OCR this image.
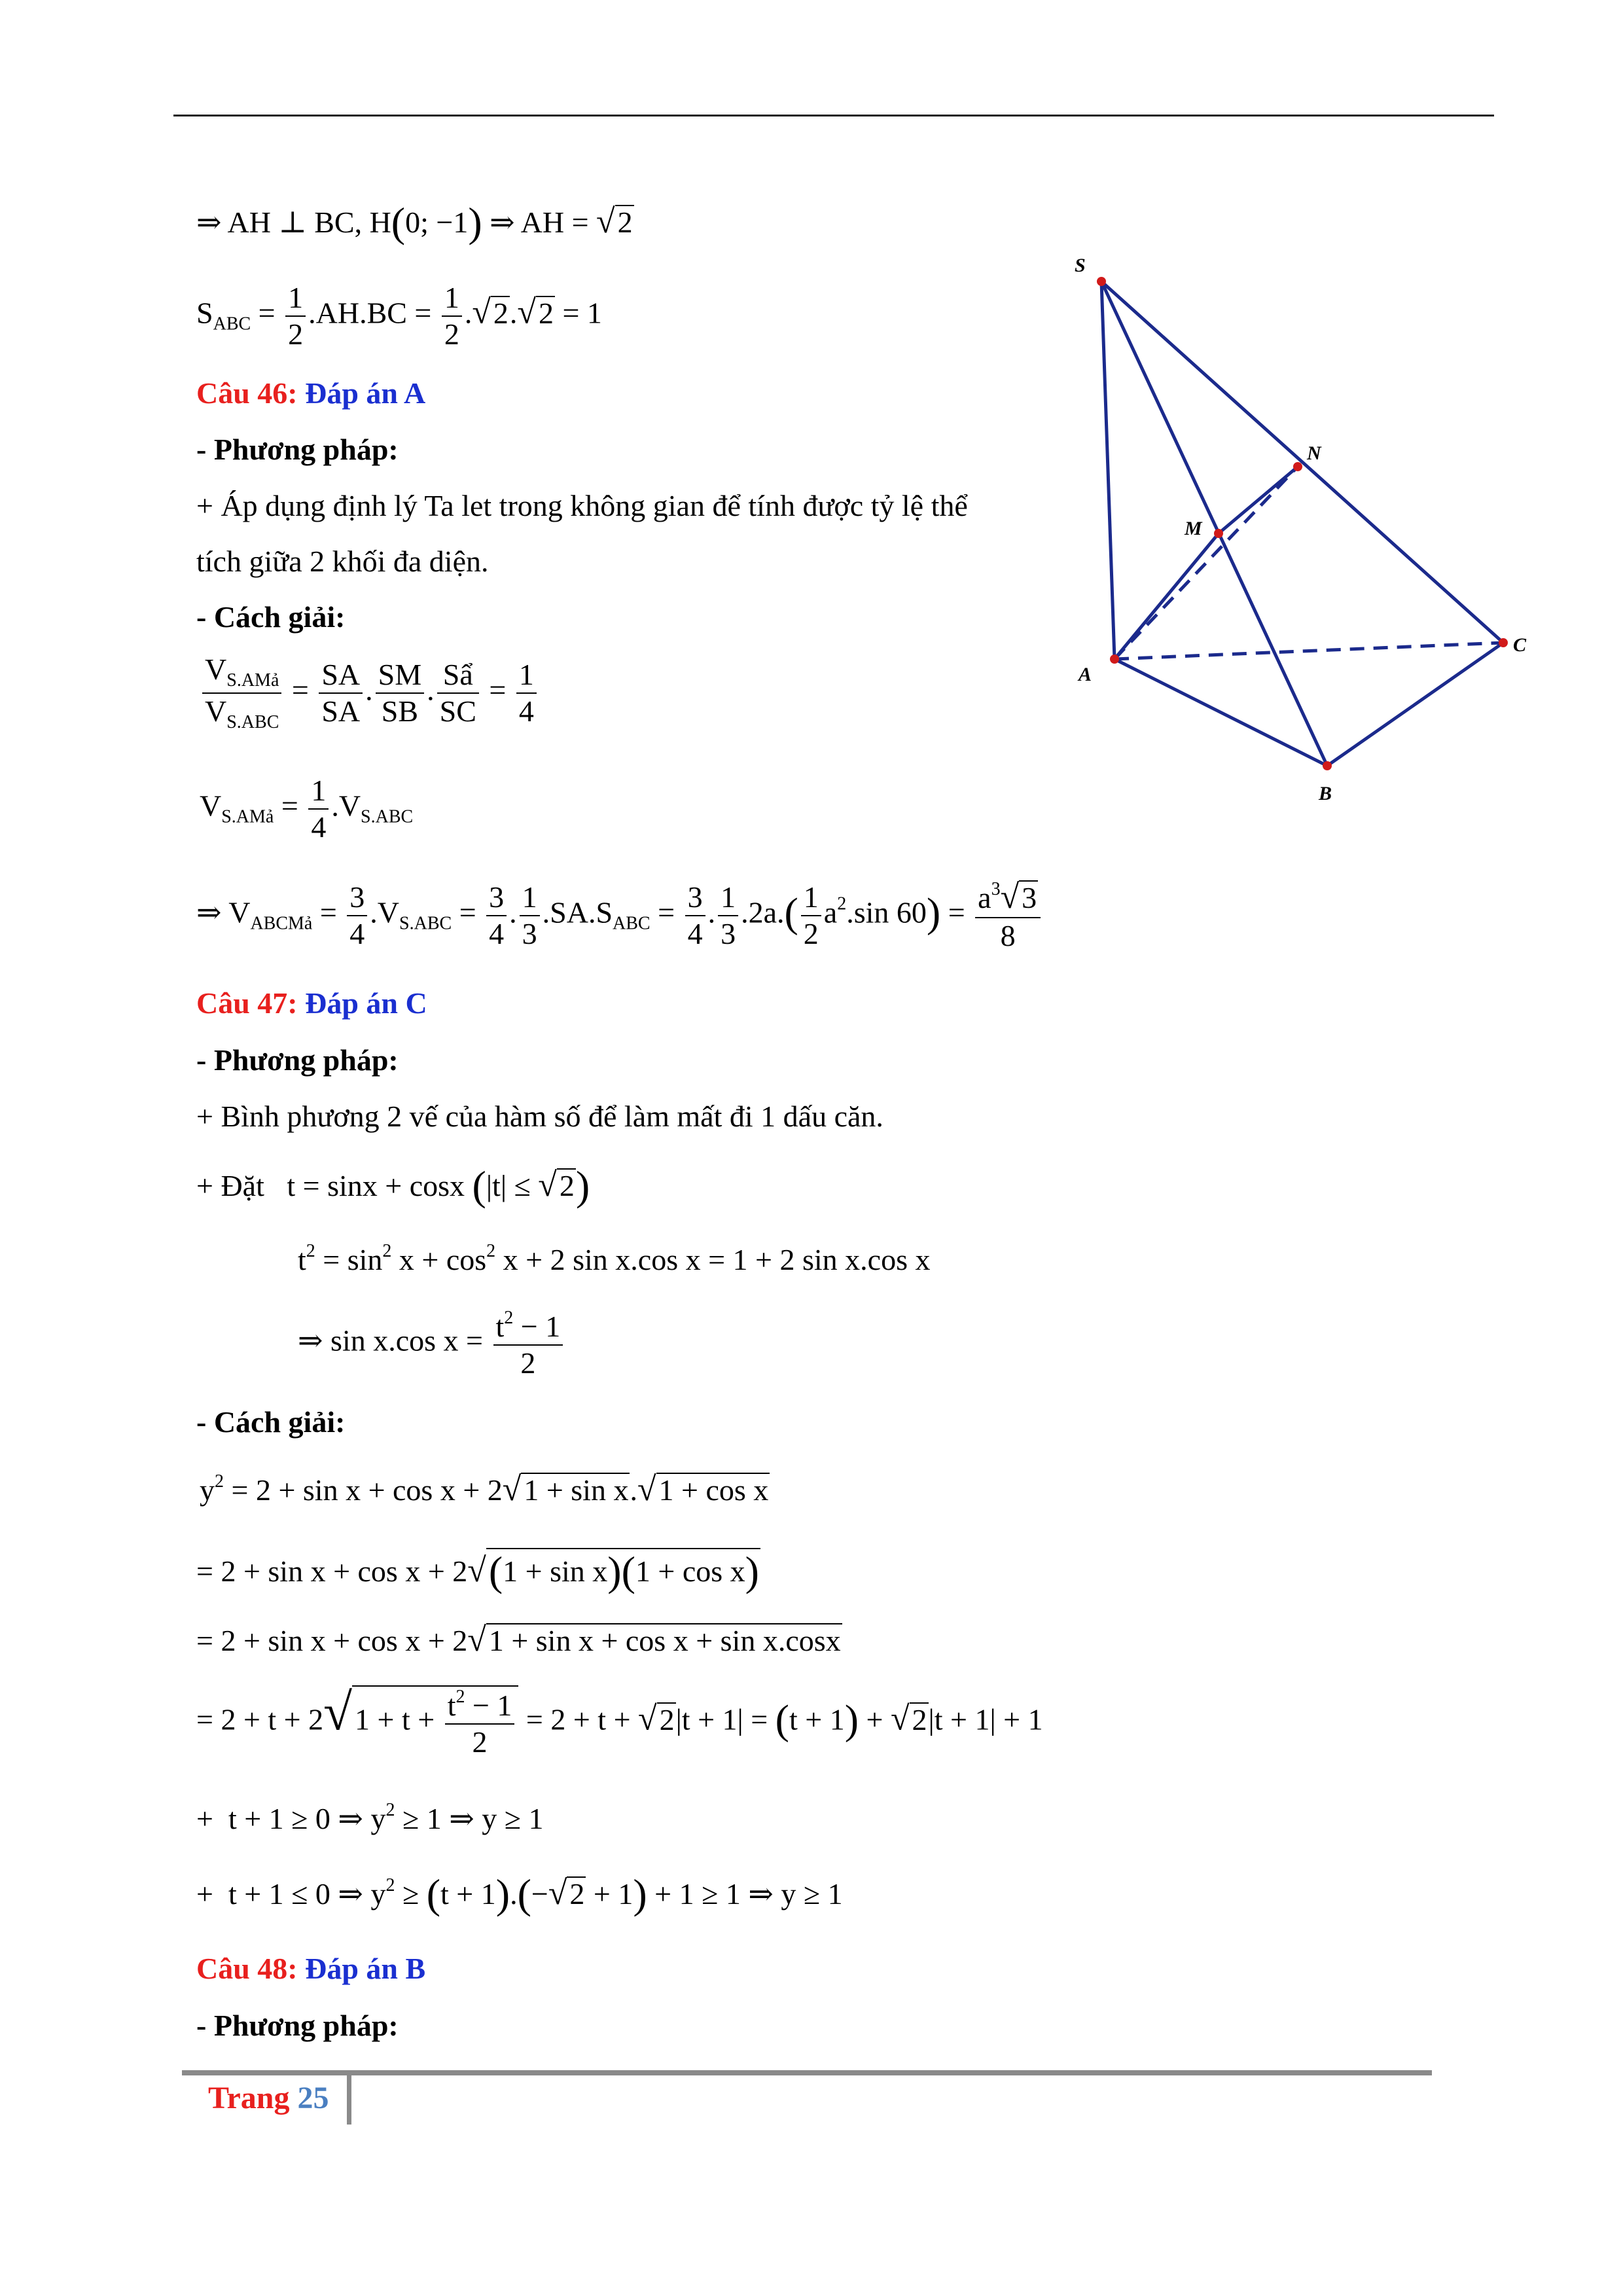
⇒ AH ⊥ BC, H(0; −1) ⇒ AH = √2
$S_{ABC} = \frac{1}{2} .AH.BC = \frac{1}{2} .√2.√2 = 1$
Câu 46: Đáp án A
- Phương pháp:
+ Áp dụng định lý Ta let trong không gian để tính được tỷ lệ thể
tích giữa 2 khối đa diện.
- Cách giải:
$\frac{V_{S.AMả}}{V_{S.ABC}} = \frac{SA}{SA}$ . $\frac{SM}{SB}$ . $\frac{\text{Sẩ}}{SC} = \frac{1}{4}$
$V_{S.AMả} = \frac{1}{4} .V_{S.ABC}$
⇒ $V_{ABCMả} = \frac{3}{4} .V_{S.ABC} = \frac{3}{4}$ . $\frac{1}{3} .SA.S_{ABC} = \frac{3}{4}$ . $\frac{1}{3} .2a.( \frac{1}{2} a^2.\sin$ $60) = \frac{a^3√3}{8}$
Câu 47: Đáp án C
- Phương pháp:
+ Bình phương 2 vế của hàm số để làm mất đi 1 dấu căn.
+ Đặt   t = sinx + cosx (|t| ≤ √2)
$t^2 = \sin^2 x + \cos^2 x + 2$ sin x.cos x = 1 + 2 sin x.cos x
⇒ sin x.cos $x = \frac{t^2 - 1}{2}$
- Cách giải:
$y^2 = 2 + \sin x + \cos x + 2√1 + \sin x.√1 + \cos x$
= 2 + sin x + cos x + 2√(1 + sin x)(1 + cos x)
= 2 + sin x + cos x + 2√1 + sin x + cos x + sin x.cosx
= $2 + t + 2√1 + t + \frac{t^2 - 1}{2} = 2 + t + √2|t + 1| = (t + 1) + √2|t + 1| + 1$
+  t + 1 ≥ 0 ⇒ $y^2 \ge 1$ ⇒ y ≥ 1
+  t + 1 ≤ 0 ⇒ $y^2 \ge (t + 1).(-√2 + 1) + 1 \ge 1$ ⇒ y ≥ 1
Câu 48: Đáp án B
- Phương pháp:
S
N
M
A
C
B
Trang 25
